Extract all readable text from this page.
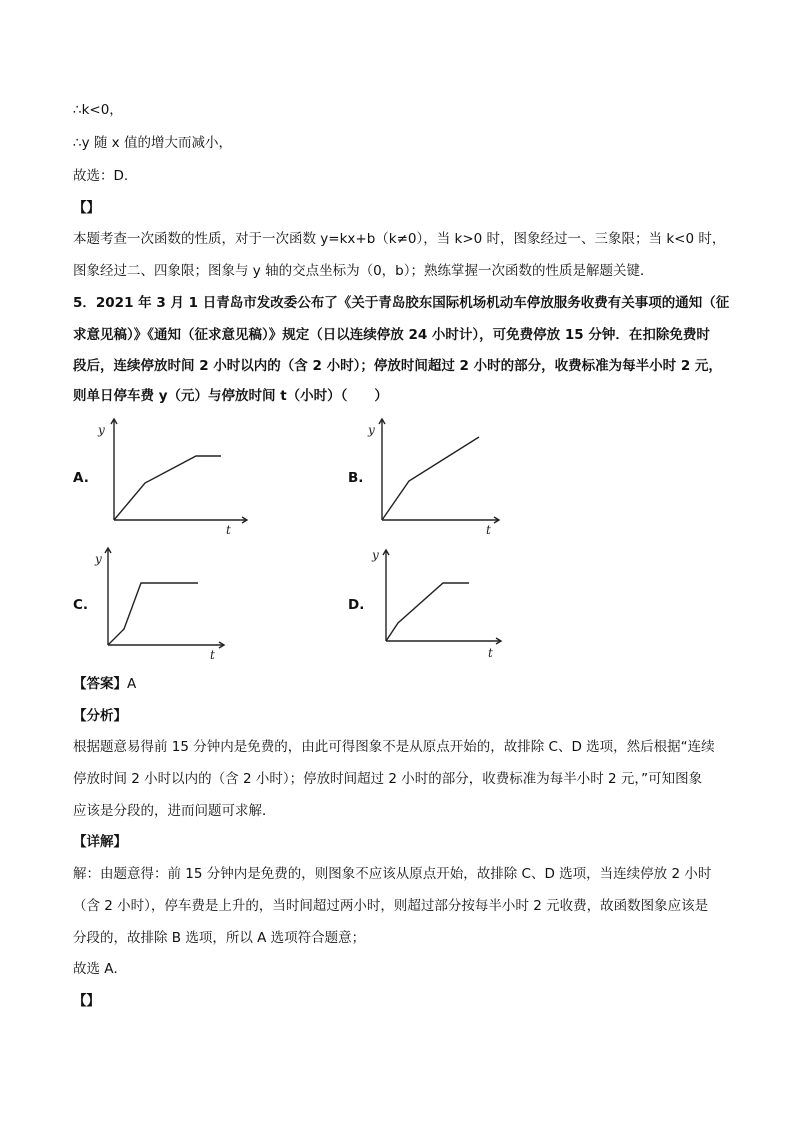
∴k<0，
∴y 随 x 值的增大而减小，
故选：D.
【】
本题考查一次函数的性质，对于一次函数 y=kx+b（k≠0），当 k>0 时，图象经过一、三象限；当 k<0 时，
图象经过二、四象限；图象与 y 轴的交点坐标为（0，b）；熟练掌握一次函数的性质是解题关键．
5．2021 年 3 月 1 日青岛市发改委公布了《关于青岛胶东国际机场机动车停放服务收费有关事项的通知（征
求意见稿）》《通知（征求意见稿）》规定（日以连续停放 24 小时计），可免费停放 15 分钟．在扣除免费时
段后，连续停放时间 2 小时以内的（含 2 小时）；停放时间超过 2 小时的部分，收费标准为每半小时 2 元，
则单日停车费 y（元）与停放时间 t（小时）（　　）
A.
y
t
B.
y
t
C.
y
t
D.
y
t
【答案】A
【分析】
根据题意易得前 15 分钟内是免费的，由此可得图象不是从原点开始的，故排除 C、D 选项，然后根据“连续
停放时间 2 小时以内的（含 2 小时）；停放时间超过 2 小时的部分，收费标准为每半小时 2 元，”可知图象
应该是分段的，进而问题可求解．
【详解】
解：由题意得：前 15 分钟内是免费的，则图象不应该从原点开始，故排除 C、D 选项，当连续停放 2 小时
（含 2 小时），停车费是上升的，当时间超过两小时，则超过部分按每半小时 2 元收费，故函数图象应该是
分段的，故排除 B 选项，所以 A 选项符合题意；
故选 A．
【】
